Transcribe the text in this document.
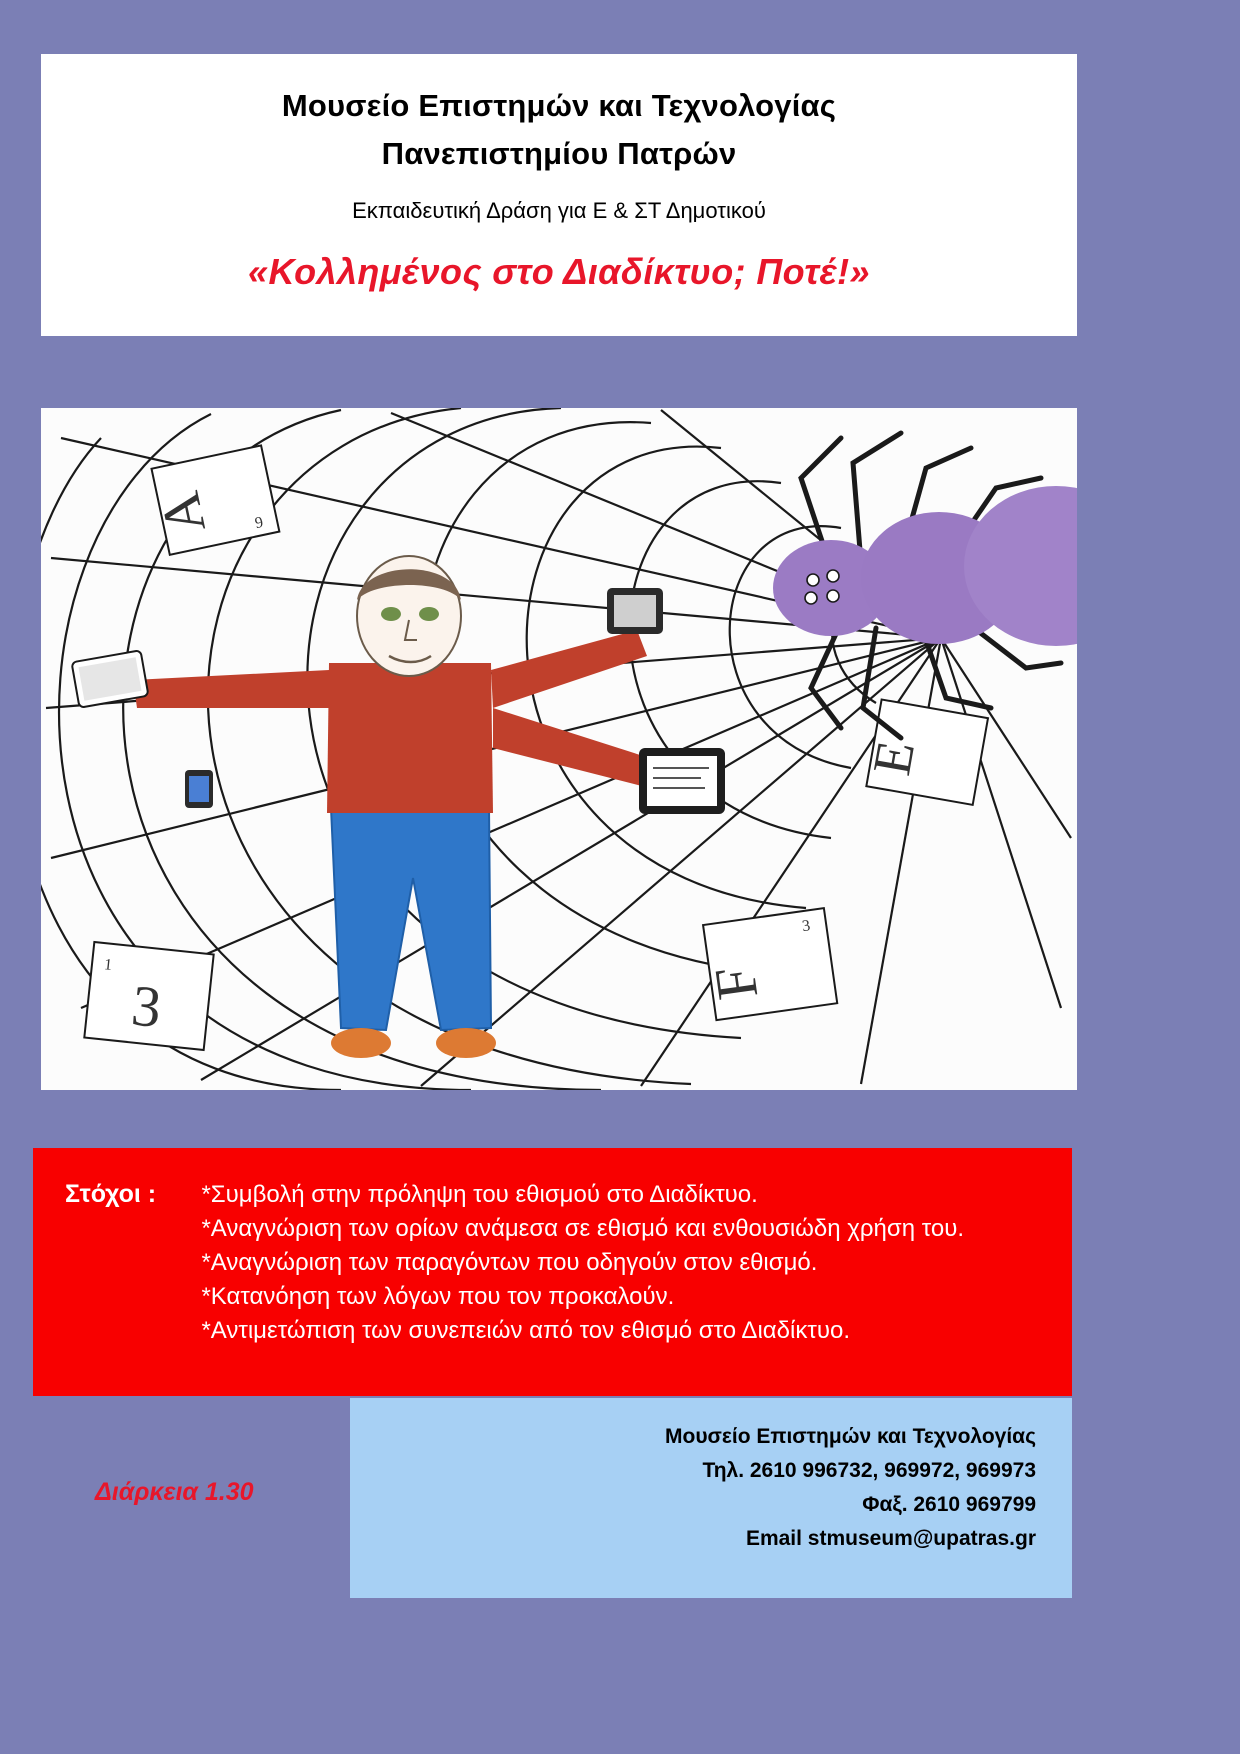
Μουσείο Επιστημών και Τεχνολογίας
Πανεπιστημίου Πατρών
Εκπαιδευτική Δράση για Ε & ΣΤ Δημοτικού
«Κολλημένος στο Διαδίκτυο; Ποτέ!»
A 9
E
F
3
3
1
Στόχοι : *Συμβολή στην πρόληψη του εθισμού στο Διαδίκτυο.
*Αναγνώριση των ορίων ανάμεσα σε εθισμό και ενθουσιώδη χρήση του.
*Αναγνώριση των παραγόντων που οδηγούν στον εθισμό.
*Κατανόηση των λόγων που τον προκαλούν.
*Αντιμετώπιση των συνεπειών από τον εθισμό στο Διαδίκτυο.
Μουσείο Επιστημών και Τεχνολογίας
Τηλ. 2610 996732, 969972, 969973
Φαξ. 2610 969799
Email stmuseum@upatras.gr
Διάρκεια 1.30
